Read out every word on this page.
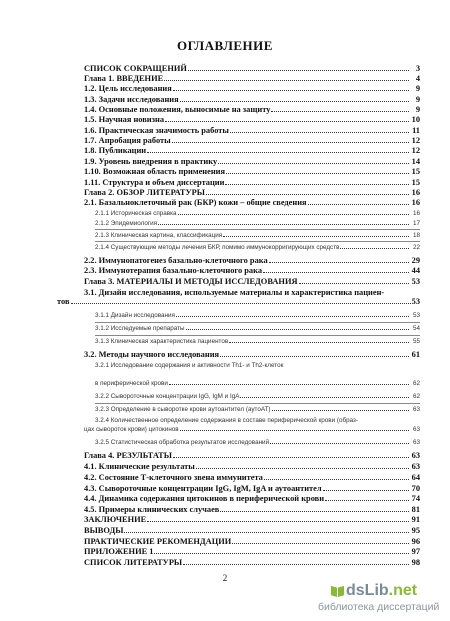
ОГЛАВЛЕНИЕ
СПИСОК СОКРАЩЕНИЙ	3
Глава 1. ВВЕДЕНИЕ	4
1.2. Цель исследования	9
1.3. Задачи исследования	9
1.4. Основные положения, выносимые на защиту	9
1.5. Научная новизна	10
1.6. Практическая значимость работы	11
1.7. Апробация работы	12
1.8. Публикации	12
1.9. Уровень внедрения в практику	14
1.10. Возможная область применения	15
1.11. Структура и объем диссертации	15
Глава 2. ОБЗОР ЛИТЕРАТУРЫ	16
2.1. Базальноклеточный рак (БКР) кожи – общие сведения	16
2.1.1 Историческая справка	16
2.1.2 Эпидемиология	17
2.1.3 Клиническая картина, классификация	18
2.1.4 Существующие методы лечения БКР, помимо иммунокорригирующих средств	22
2.2. Иммунопатогенез базально-клеточного рака	29
2.3. Иммунотерапия базально-клеточного рака	44
Глава 3. МАТЕРИАЛЫ И МЕТОДЫ ИССЛЕДОВАНИЯ	53
3.1. Дизайн исследования, используемые материалы и характеристика пациен-
тов	53
3.1.1 Дизайн исследования	53
3.1.2 Исследуемые препараты	54
3.1.3 Клиническая характеристика пациентов	55
3.2. Методы научного исследования	61
3.2.1 Исследование содержания и активности Th1- и Th2-клеток
в периферической крови	62
3.2.2 Сывороточные концентрации IgG, IgM и IgA	62
3.2.3 Определение в сыворотке крови аутоантител (аутоАТ)	63
3.2.4 Количественное определение содержания в составе периферической крови (образ-
цах сывороток крови) цитокинов	63
3.2.5 Статистическая обработка результатов исследований	63
Глава 4. РЕЗУЛЬТАТЫ	63
4.1. Клинические результаты	63
4.2. Состояние Т-клеточного звена иммунитета	64
4.3. Сывороточные концентрации IgG, IgM, IgA и аутоантител	70
4.4. Динамика содержания цитокинов в периферической крови	74
4.5. Примеры клинических случаев	81
ЗАКЛЮЧЕНИЕ	91
ВЫВОДЫ	95
ПРАКТИЧЕСКИЕ РЕКОМЕНДАЦИИ	96
ПРИЛОЖЕНИЕ 1	97
СПИСОК ЛИТЕРАТУРЫ	98
2
dsLib.net
библиотека диссертаций
